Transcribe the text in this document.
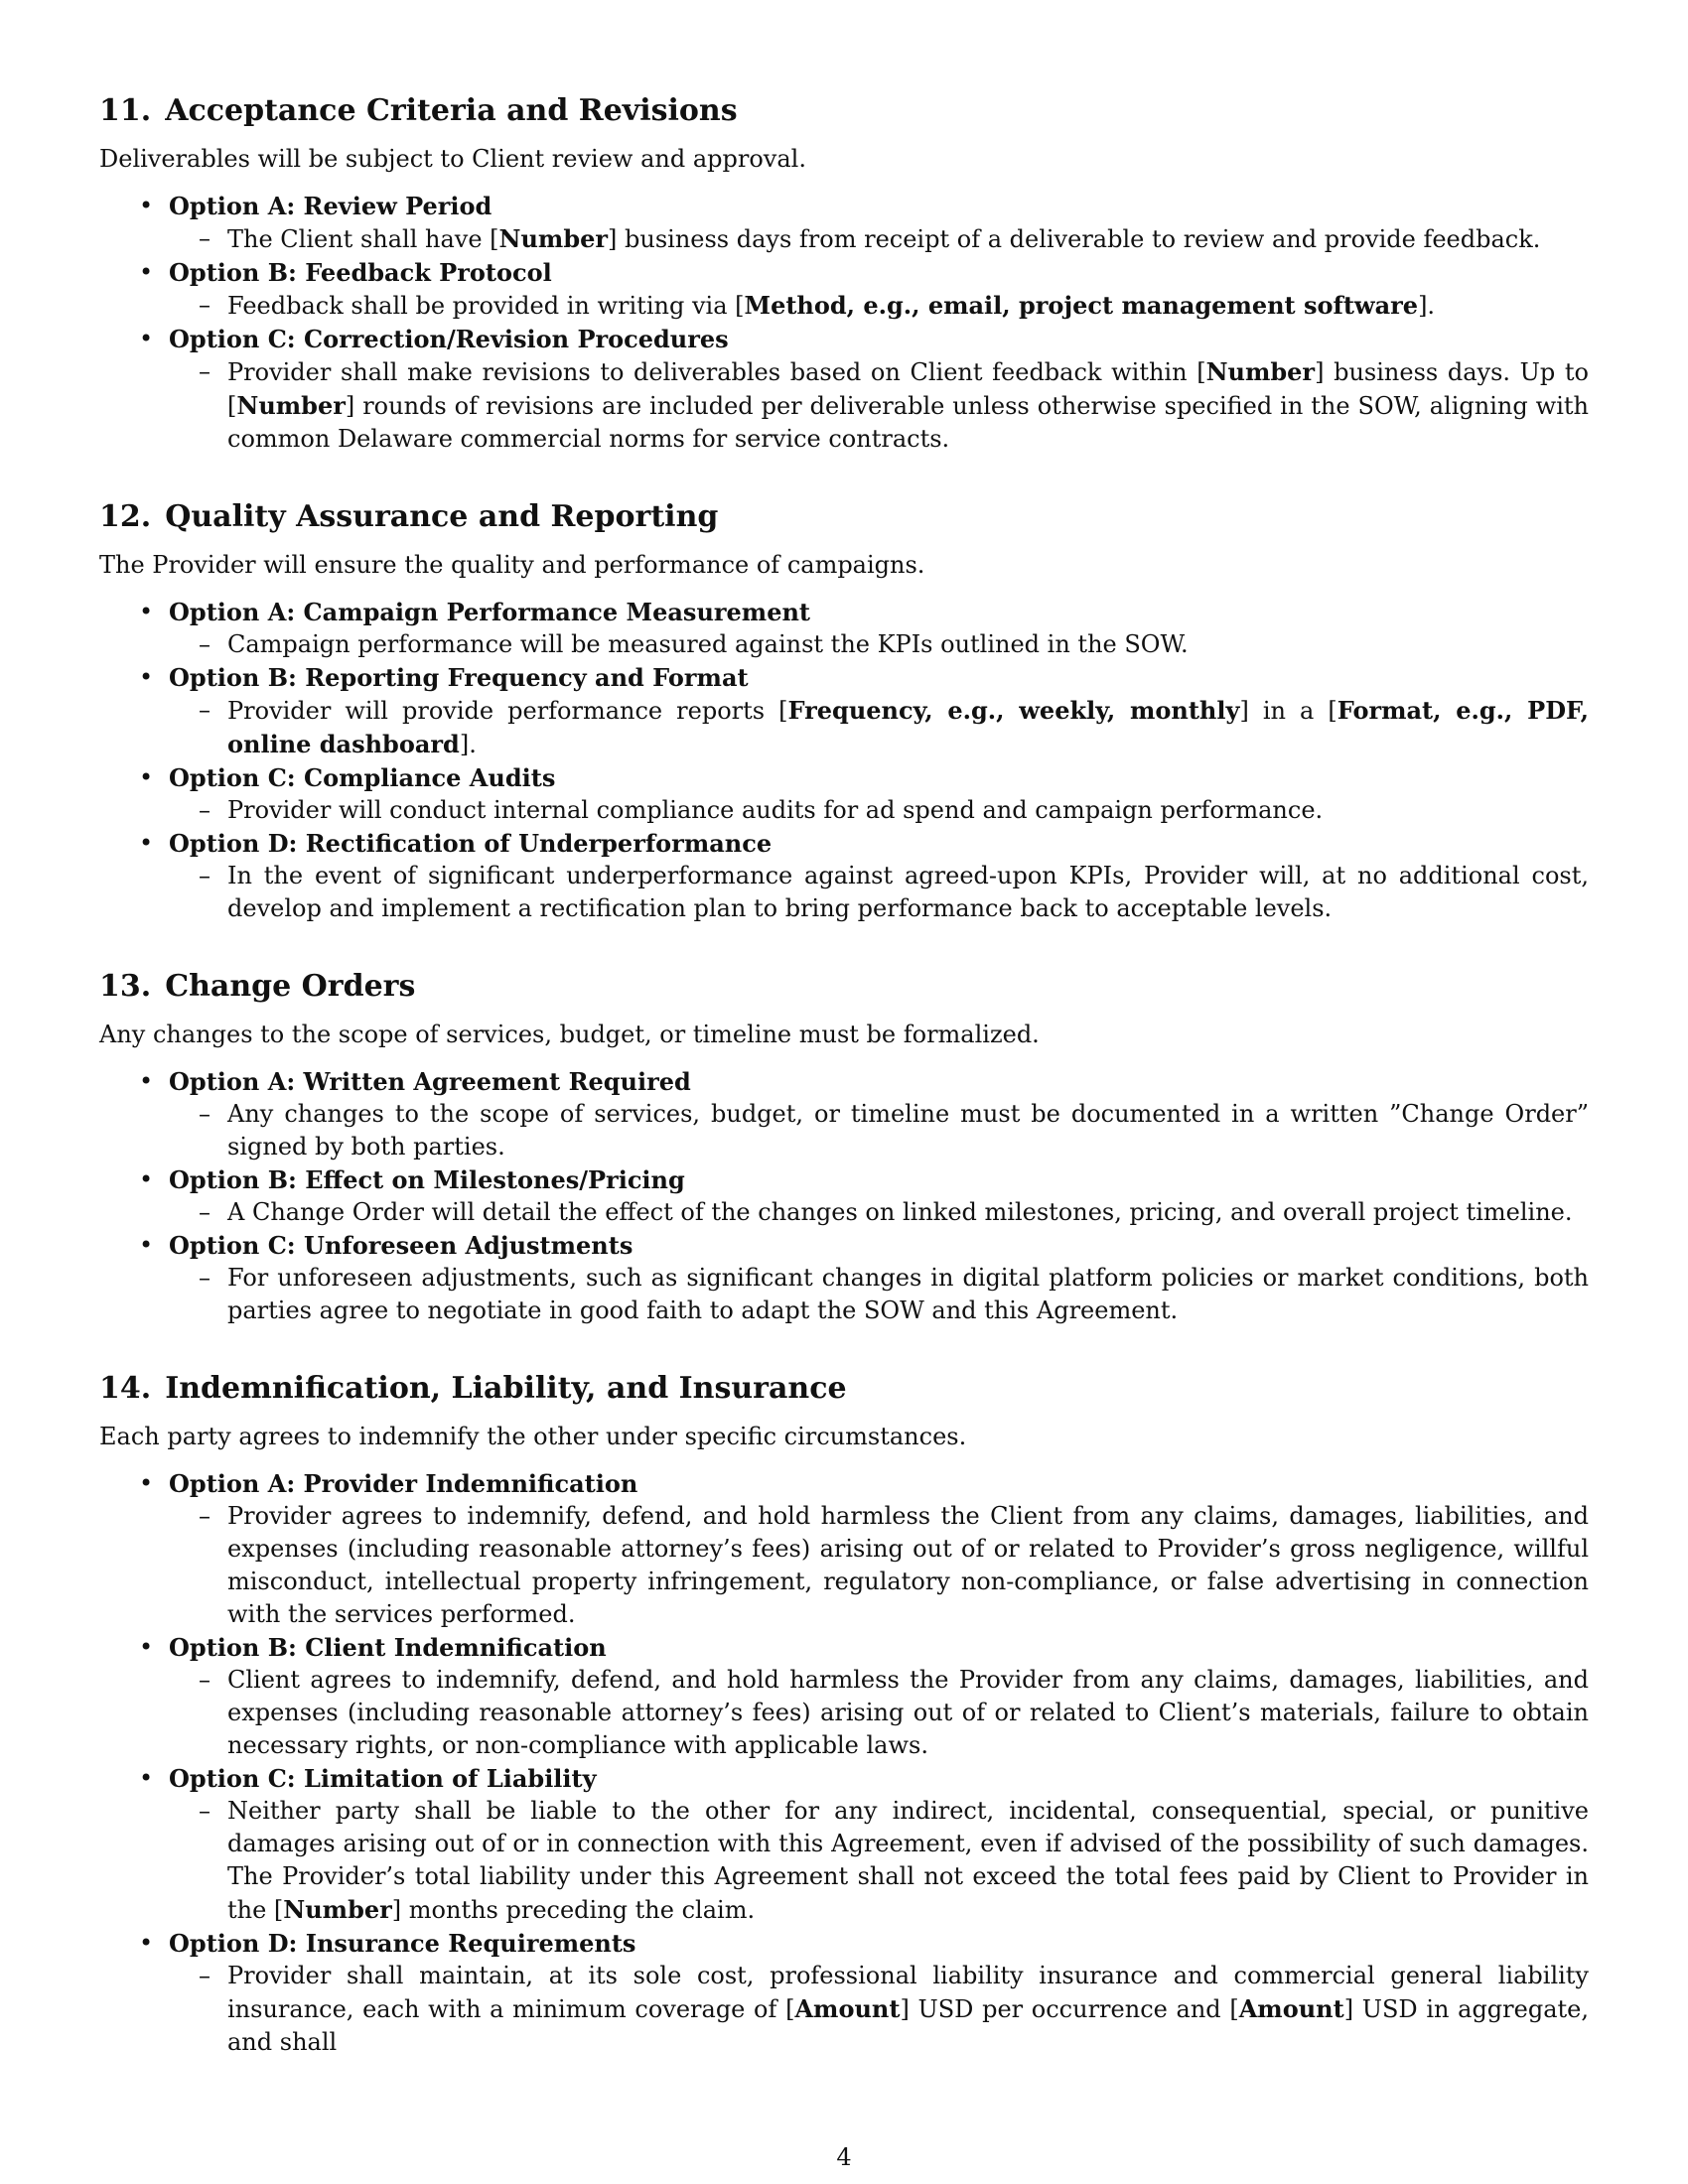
11. Acceptance Criteria and Revisions

Deliverables will be subject to Client review and approval.

• Option A: Review Period
– The Client shall have [Number] business days from receipt of a deliverable to review and provide feedback.
• Option B: Feedback Protocol
– Feedback shall be provided in writing via [Method, e.g., email, project management software].
• Option C: Correction/Revision Procedures
– Provider shall make revisions to deliverables based on Client feedback within [Number] business days. Up to [Number] rounds of revisions are included per deliverable unless otherwise specified in the SOW, aligning with common Delaware commercial norms for service contracts.
12. Quality Assurance and Reporting

The Provider will ensure the quality and performance of campaigns.

• Option A: Campaign Performance Measurement
– Campaign performance will be measured against the KPIs outlined in the SOW.
• Option B: Reporting Frequency and Format
– Provider will provide performance reports [Frequency, e.g., weekly, monthly] in a [Format, e.g., PDF, online dashboard].
• Option C: Compliance Audits
– Provider will conduct internal compliance audits for ad spend and campaign performance.
• Option D: Rectification of Underperformance
– In the event of significant underperformance against agreed-upon KPIs, Provider will, at no additional cost, develop and implement a rectification plan to bring performance back to acceptable levels.
13. Change Orders

Any changes to the scope of services, budget, or timeline must be formalized.

• Option A: Written Agreement Required
– Any changes to the scope of services, budget, or timeline must be documented in a written ”Change Order” signed by both parties.
• Option B: Effect on Milestones/Pricing
– A Change Order will detail the effect of the changes on linked milestones, pricing, and overall project timeline.
• Option C: Unforeseen Adjustments
– For unforeseen adjustments, such as significant changes in digital platform policies or market conditions, both parties agree to negotiate in good faith to adapt the SOW and this Agreement.
14. Indemnification, Liability, and Insurance

Each party agrees to indemnify the other under specific circumstances.

• Option A: Provider Indemnification
– Provider agrees to indemnify, defend, and hold harmless the Client from any claims, damages, liabilities, and expenses (including reasonable attorney’s fees) arising out of or related to Provider’s gross negligence, willful misconduct, intellectual property infringement, regulatory non-compliance, or false advertising in connection with the services performed.
• Option B: Client Indemnification
– Client agrees to indemnify, defend, and hold harmless the Provider from any claims, damages, liabilities, and expenses (including reasonable attorney’s fees) arising out of or related to Client’s materials, failure to obtain necessary rights, or non-compliance with applicable laws.
• Option C: Limitation of Liability
– Neither party shall be liable to the other for any indirect, incidental, consequential, special, or punitive damages arising out of or in connection with this Agreement, even if advised of the possibility of such damages. The Provider’s total liability under this Agreement shall not exceed the total fees paid by Client to Provider in the [Number] months preceding the claim.
• Option D: Insurance Requirements
– Provider shall maintain, at its sole cost, professional liability insurance and commercial general liability insurance, each with a minimum coverage of [Amount] USD per occurrence and [Amount] USD in aggregate, and shall
4
